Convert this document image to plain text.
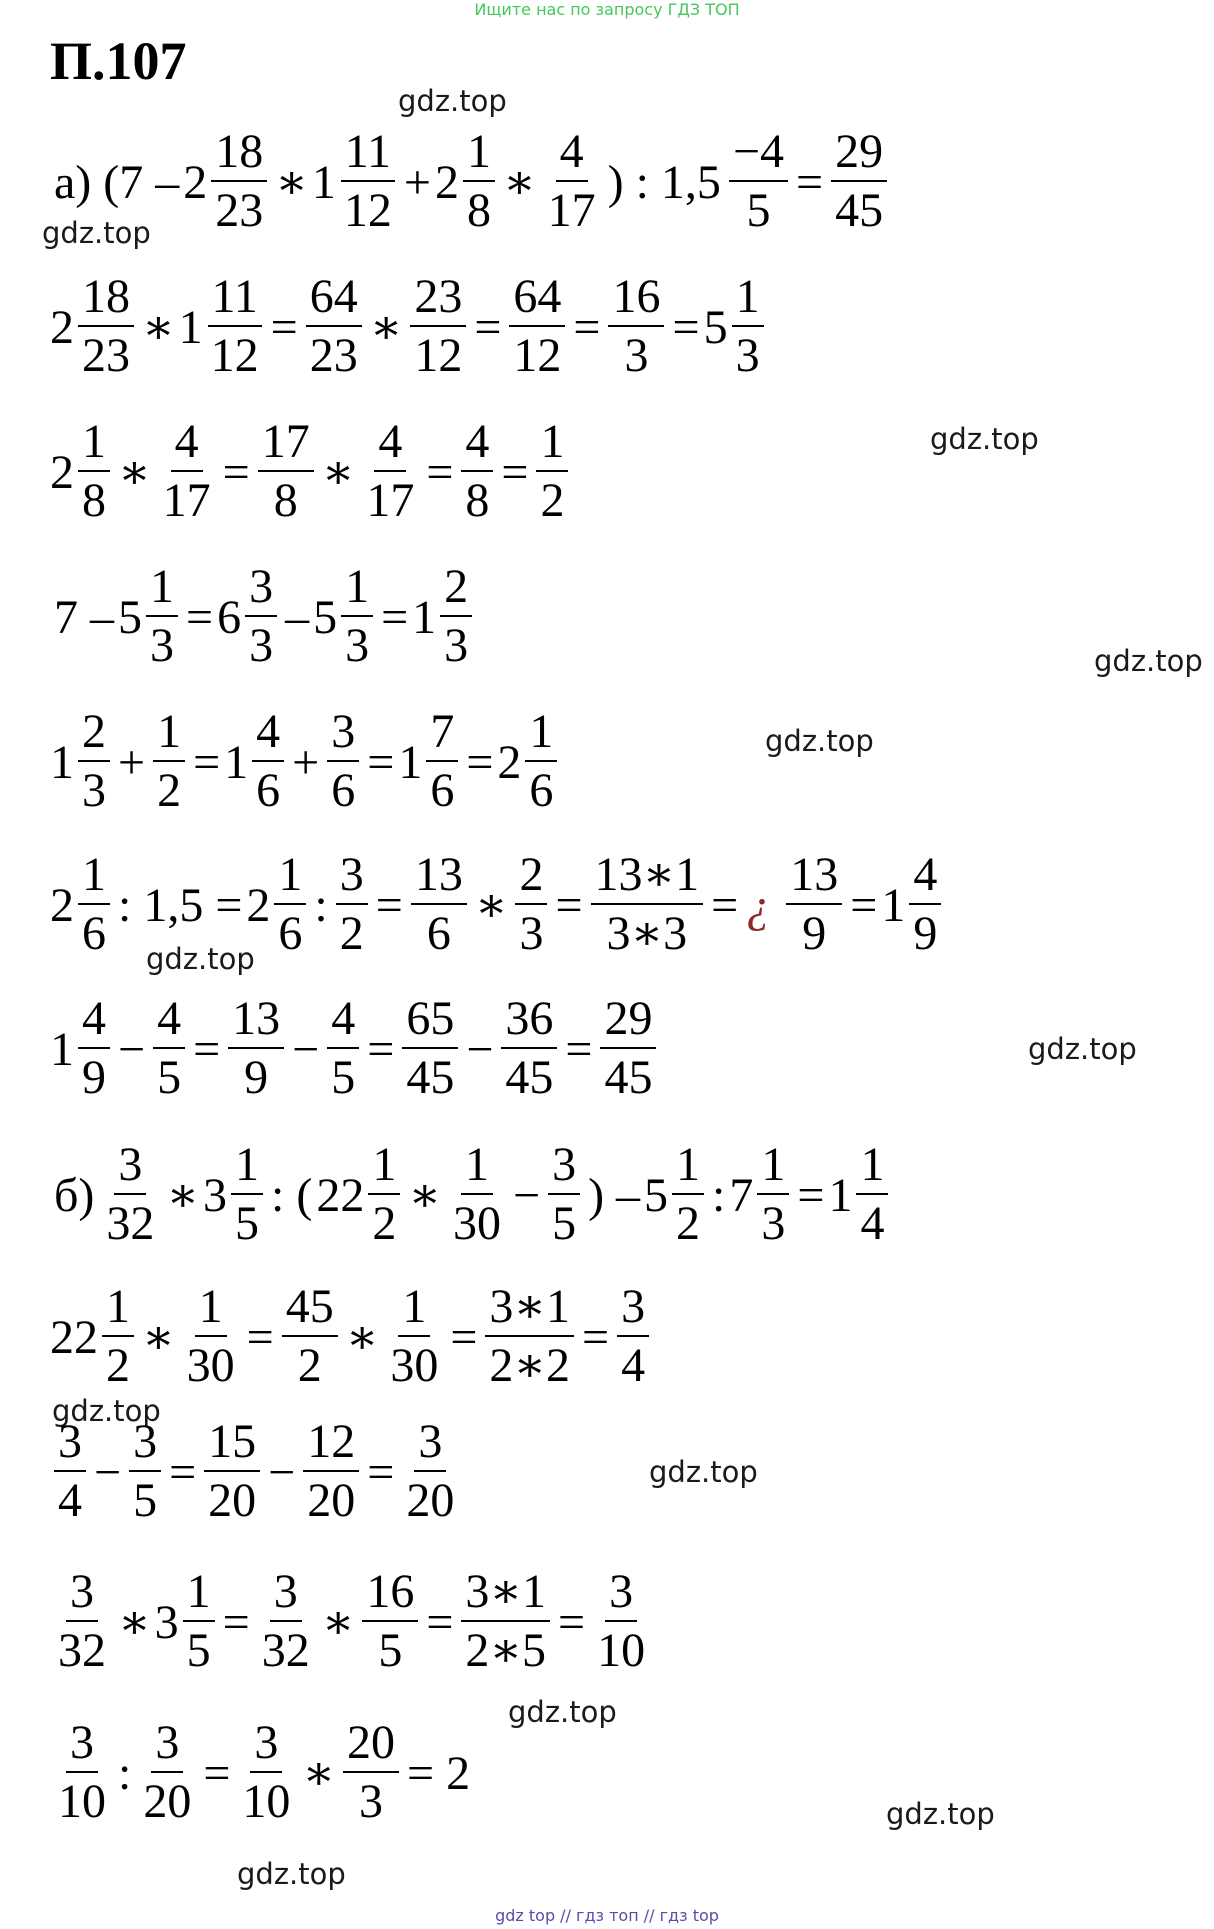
Ищите нас по запросу ГДЗ ТОП
П.107
gdz.top
gdz.top
gdz.top
gdz.top
gdz.top
gdz.top
gdz.top
gdz.top
gdz.top
gdz.top
gdz.top
gdz.top
а) ($7 - 2 \frac{18}{23}$ ∗ $1 \frac{11}{12} + 2 \frac{1}{8}$ ∗ $\frac{4}{17}$ ) : $1,5 \frac{-4}{5} = \frac{29}{45}$
$2 \frac{18}{23}$ ∗ $1 \frac{11}{12} = \frac{64}{23}$ ∗ $\frac{23}{12} = \frac{64}{12} = \frac{16}{3} = 5 \frac{1}{3}$
$2 \frac{1}{8}$ ∗ $\frac{4}{17} = \frac{17}{8}$ ∗ $\frac{4}{17} = \frac{4}{8} = \frac{1}{2}$
$7 - 5 \frac{1}{3} = 6 \frac{3}{3} - 5 \frac{1}{3} = 1 \frac{2}{3}$
$1 \frac{2}{3} + \frac{1}{2} = 1 \frac{4}{6} + \frac{3}{6} = 1 \frac{7}{6} = 2 \frac{1}{6}$
$2 \frac{1}{6}$ : $1,5 = 2 \frac{1}{6}$ : $\frac{3}{2} = \frac{13}{6}$ ∗ $\frac{2}{3} = \frac{13∗1}{3∗3}$ = ¿ $\frac{13}{9} = 1 \frac{4}{9}$
$1 \frac{4}{9} - \frac{4}{5} = \frac{13}{9} - \frac{4}{5} = \frac{65}{45} - \frac{36}{45} = \frac{29}{45}$
$б) \frac{3}{32}$ ∗ $3 \frac{1}{5}$ : ( $22 \frac{1}{2}$ ∗ $\frac{1}{30} - \frac{3}{5}$ ) – $5 \frac{1}{2}$ : $7 \frac{1}{3} = 1 \frac{1}{4}$
$22 \frac{1}{2}$ ∗ $\frac{1}{30} = \frac{45}{2}$ ∗ $\frac{1}{30} = \frac{3∗1}{2∗2} = \frac{3}{4}$
$\frac{3}{4} - \frac{3}{5} = \frac{15}{20} - \frac{12}{20} = \frac{3}{20}$
$\frac{3}{32}$ ∗ $3 \frac{1}{5} = \frac{3}{32}$ ∗ $\frac{16}{5} = \frac{3∗1}{2∗5} = \frac{3}{10}$
$\frac{3}{10}$ : $\frac{3}{20} = \frac{3}{10}$ ∗ $\frac{20}{3} = 2$
gdz top // гдз топ // гдз top
